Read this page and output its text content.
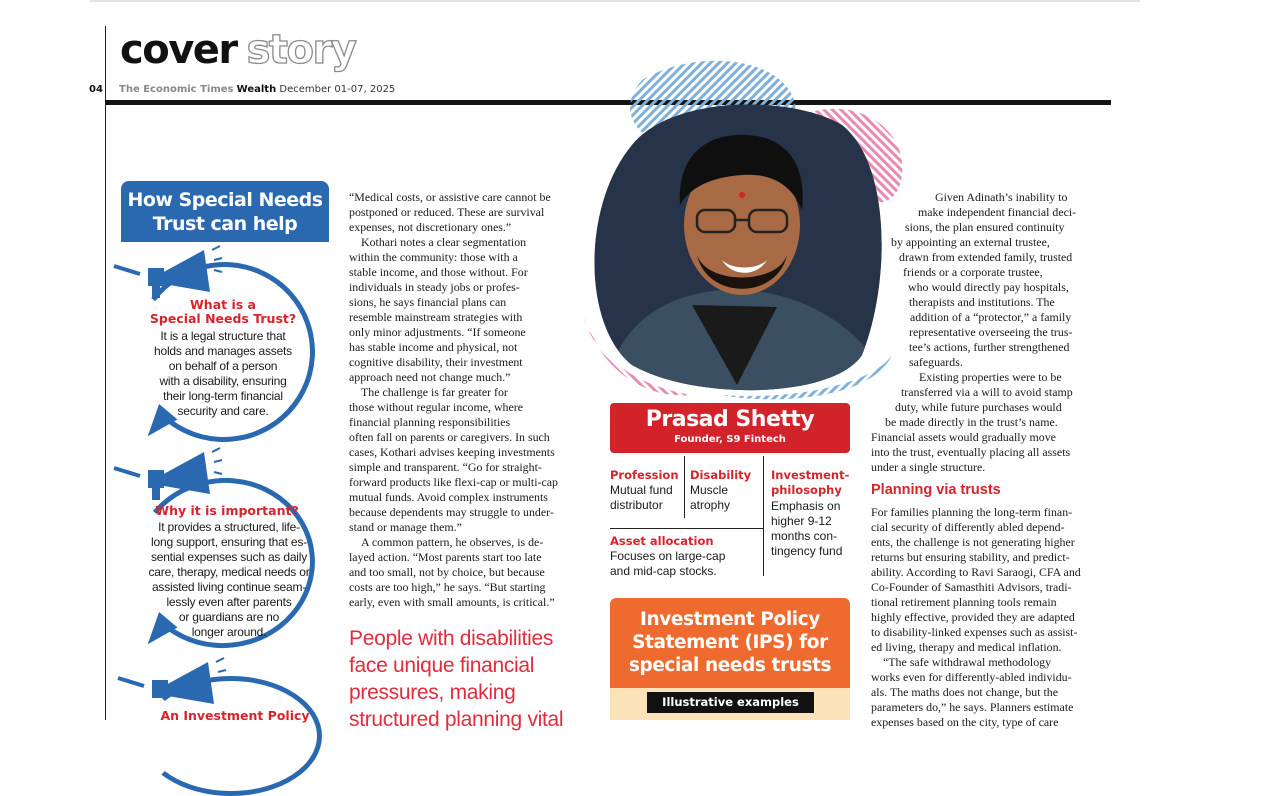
cover story
04 The Economic Times Wealth December 01-07, 2025
How Special Needs
Trust can help
What is a
Special Needs Trust?
It is a legal structure that
holds and manages assets
on behalf of a person
with a disability, ensuring
their long-term financial
security and care.
Why it is important?
It provides a structured, life-
long support, ensuring that es-
sential expenses such as daily
care, therapy, medical needs or
assisted living continue seam-
lessly even after parents
or guardians are no
longer around.
An Investment Policy

“Medical costs, or assistive care cannot be
postponed or reduced. These are survival
expenses, not discretionary ones.”

Kothari notes a clear segmentation
within the community: those with a
stable income, and those without. For
individuals in steady jobs or profes-
sions, he says financial plans can
resemble mainstream strategies with
only minor adjustments. “If someone
has stable income and physical, not
cognitive disability, their investment
approach need not change much.”

The challenge is far greater for
those without regular income, where
financial planning responsibilities
often fall on parents or caregivers. In such
cases, Kothari advises keeping investments
simple and transparent. “Go for straight-
forward products like flexi-cap or multi-cap
mutual funds. Avoid complex instruments
because dependents may struggle to under-
stand or manage them.”

A common pattern, he observes, is de-
layed action. “Most parents start too late
and too small, not by choice, but because
costs are too high,” he says. “But starting
early, even with small amounts, is critical.”

People with disabilities
face unique financial
pressures, making
structured planning vital
Prasad Shetty
Founder, S9 Fintech
Profession
Mutual fund
distributor
Disability
Muscle
atrophy
Investment-
philosophy
Emphasis on
higher 9-12
months con-
tingency fund
Asset allocation
Focuses on large-cap
and mid-cap stocks.
Investment Policy
Statement (IPS) for
special needs trusts
Illustrative examples

Given Adinath’s inability to
make independent financial deci-
sions, the plan ensured continuity
by appointing an external trustee,
drawn from extended family, trusted
friends or a corporate trustee,
who would directly pay hospitals,
therapists and institutions. The
addition of a “protector,” a family
representative overseeing the trus-
tee’s actions, further strengthened
safeguards.

Existing properties were to be
transferred via a will to avoid stamp
duty, while future purchases would
be made directly in the trust’s name.
Financial assets would gradually move
into the trust, eventually placing all assets
under a single structure.

Planning via trusts

For families planning the long-term finan-
cial security of differently abled depend-
ents, the challenge is not generating higher
returns but ensuring stability, and predict-
ability. According to Ravi Saraogi, CFA and
Co-Founder of Samasthiti Advisors, tradi-
tional retirement planning tools remain
highly effective, provided they are adapted
to disability-linked expenses such as assist-
ed living, therapy and medical inflation.

“The safe withdrawal methodology
works even for differently-abled individu-
als. The maths does not change, but the
parameters do,” he says. Planners estimate
expenses based on the city, type of care
